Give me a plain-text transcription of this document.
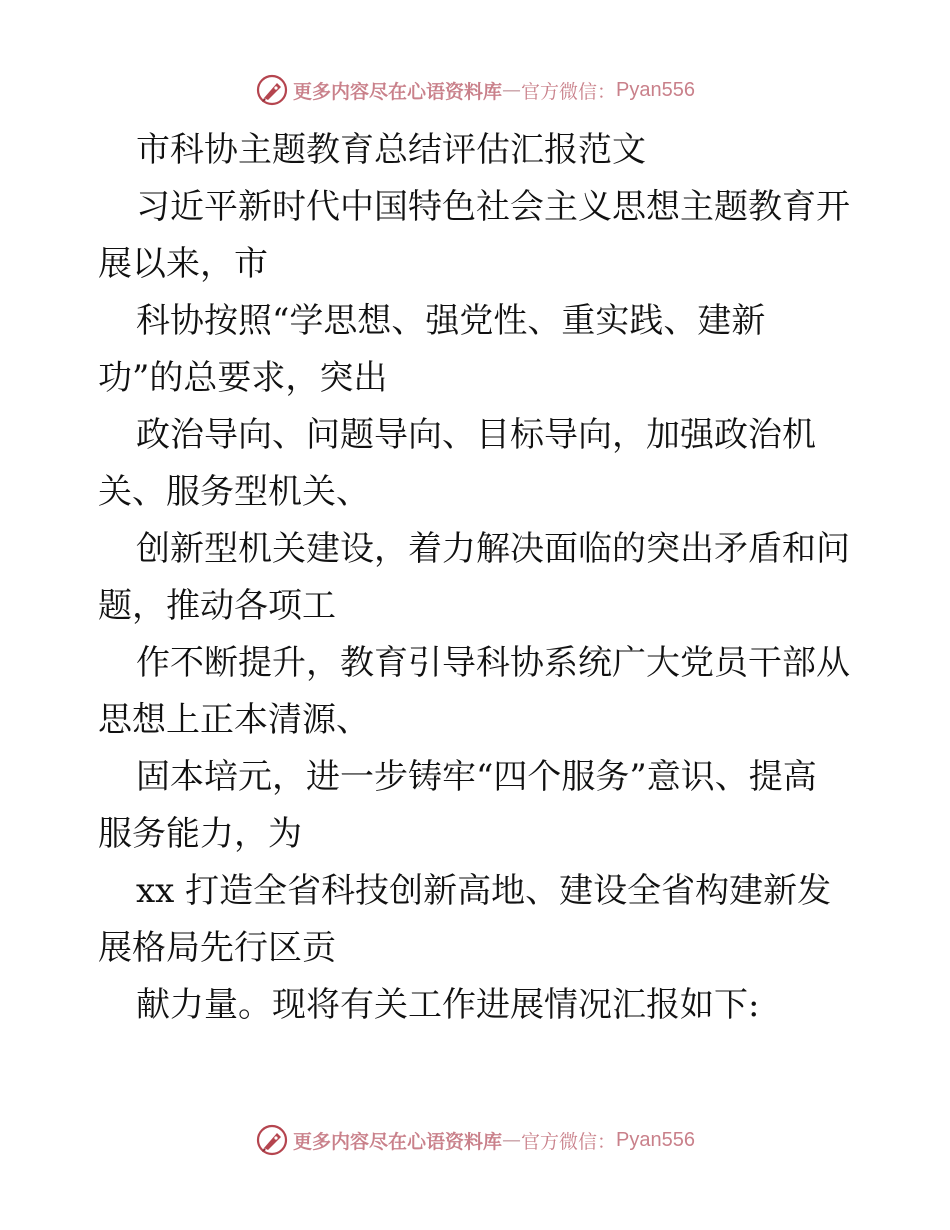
更多内容尽在心语资料库 — 官方微信： Pyan556
市科协主题教育总结评估汇报范文
习近平新时代中国特色社会主义思想主题教育开
展以来，市
科协按照“学思想、强党性、重实践、建新
功”的总要求，突出
政治导向、问题导向、目标导向，加强政治机
关、服务型机关、
创新型机关建设，着力解决面临的突出矛盾和问
题，推动各项工
作不断提升，教育引导科协系统广大党员干部从
思想上正本清源、
固本培元，进一步铸牢“四个服务”意识、提高
服务能力，为
xx 打造全省科技创新高地、建设全省构建新发
展格局先行区贡
献力量。现将有关工作进展情况汇报如下:
更多内容尽在心语资料库 — 官方微信： Pyan556
